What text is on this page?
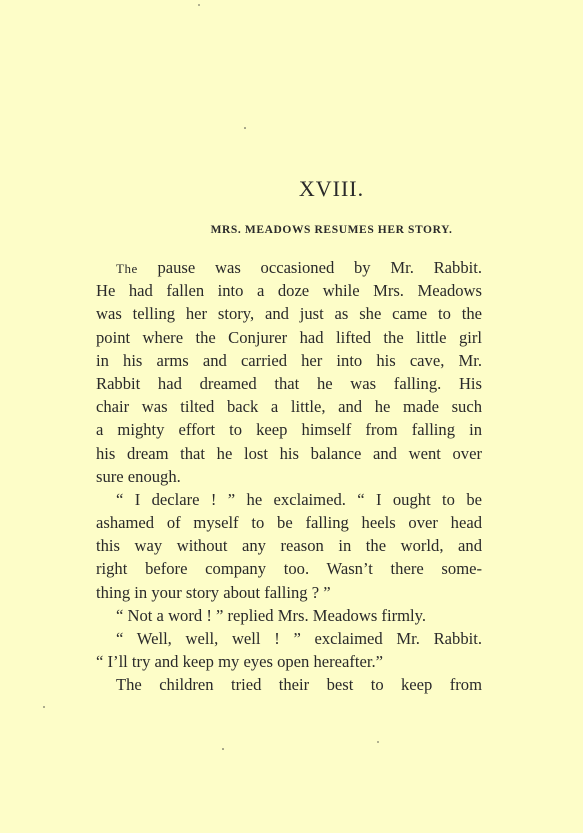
XVIII.
MRS. MEADOWS RESUMES HER STORY.
The pause was occasioned by Mr. Rabbit.
He had fallen into a doze while Mrs. Meadows
was telling her story, and just as she came to the
point where the Conjurer had lifted the little girl
in his arms and carried her into his cave, Mr.
Rabbit had dreamed that he was falling. His
chair was tilted back a little, and he made such
a mighty effort to keep himself from falling in
his dream that he lost his balance and went over
sure enough.
“ I declare ! ” he exclaimed. “ I ought to be
ashamed of myself to be falling heels over head
this way without any reason in the world, and
right before company too. Wasn’t there some-
thing in your story about falling ? ”
“ Not a word ! ” replied Mrs. Meadows firmly.
“ Well, well, well ! ” exclaimed Mr. Rabbit.
“ I’ll try and keep my eyes open hereafter.”
The children tried their best to keep from
